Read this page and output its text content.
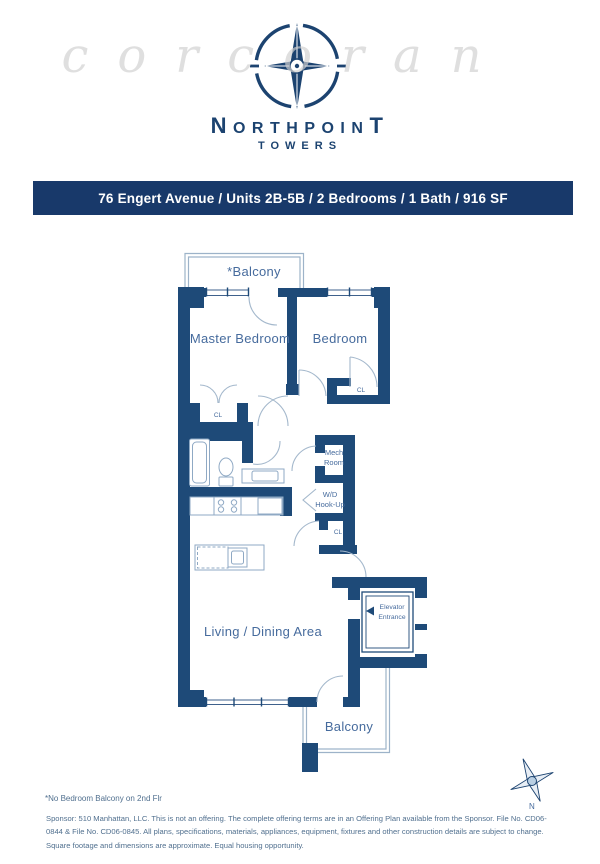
corcoran
NORTHPOINT
TOWERS
76 Engert Avenue / Units 2B-5B / 2 Bedrooms / 1 Bath / 916 SF
*Balcony
Master Bedroom Bedroom
CL
CL
Mech
Room
W/D
Hook-Up
CL
Elevator
Entrance
Living / Dining Area
Balcony
*No Bedroom Balcony on 2nd Flr
Sponsor: 510 Manhattan, LLC. This is not an offering. The complete offering terms are in an Offering Plan available from the Sponsor. File No. CD06-
0844 & File No. CD06-0845. All plans, specifications, materials, appliances, equipment, fixtures and other construction details are subject to change.
Square footage and dimensions are approximate. Equal housing opportunity.
N
